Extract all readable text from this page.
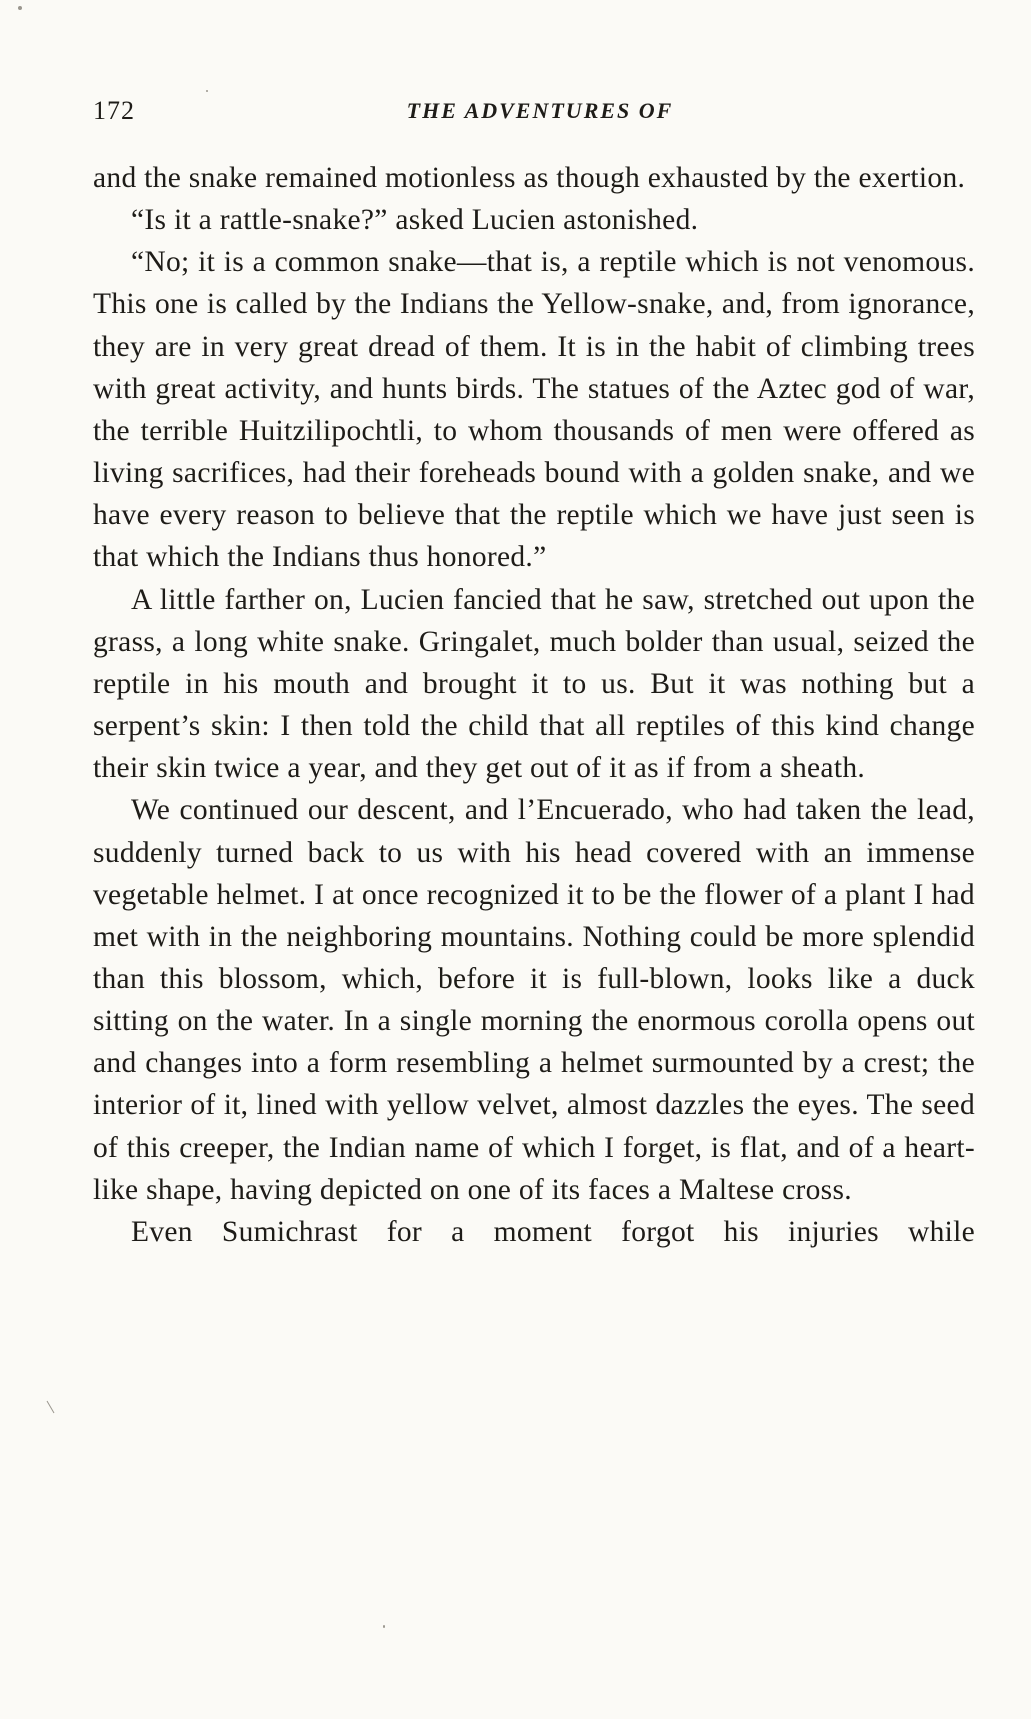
172	THE ADVENTURES OF

and the snake remained motionless as though exhausted by the exertion.

“Is it a rattle-snake?” asked Lucien astonished.

“No; it is a common snake—that is, a reptile which is not venomous. This one is called by the Indians the Yellow-snake, and, from ignorance, they are in very great dread of them. It is in the habit of climbing trees with great activity, and hunts birds. The statues of the Aztec god of war, the terrible Huitzilipochtli, to whom thousands of men were offered as living sacrifices, had their foreheads bound with a golden snake, and we have every reason to believe that the reptile which we have just seen is that which the Indians thus honored.”

A little farther on, Lucien fancied that he saw, stretched out upon the grass, a long white snake. Gringalet, much bolder than usual, seized the reptile in his mouth and brought it to us. But it was nothing but a serpent’s skin: I then told the child that all reptiles of this kind change their skin twice a year, and they get out of it as if from a sheath.

We continued our descent, and l’Encuerado, who had taken the lead, suddenly turned back to us with his head covered with an immense vegetable helmet. I at once recognized it to be the flower of a plant I had met with in the neighboring mountains. Nothing could be more splendid than this blossom, which, before it is full-blown, looks like a duck sitting on the water. In a single morning the enormous corolla opens out and changes into a form resembling a helmet surmounted by a crest; the interior of it, lined with yellow velvet, almost dazzles the eyes. The seed of this creeper, the Indian name of which I forget, is flat, and of a heart-like shape, having depicted on one of its faces a Maltese cross.

Even Sumichrast for a moment forgot his injuries while
